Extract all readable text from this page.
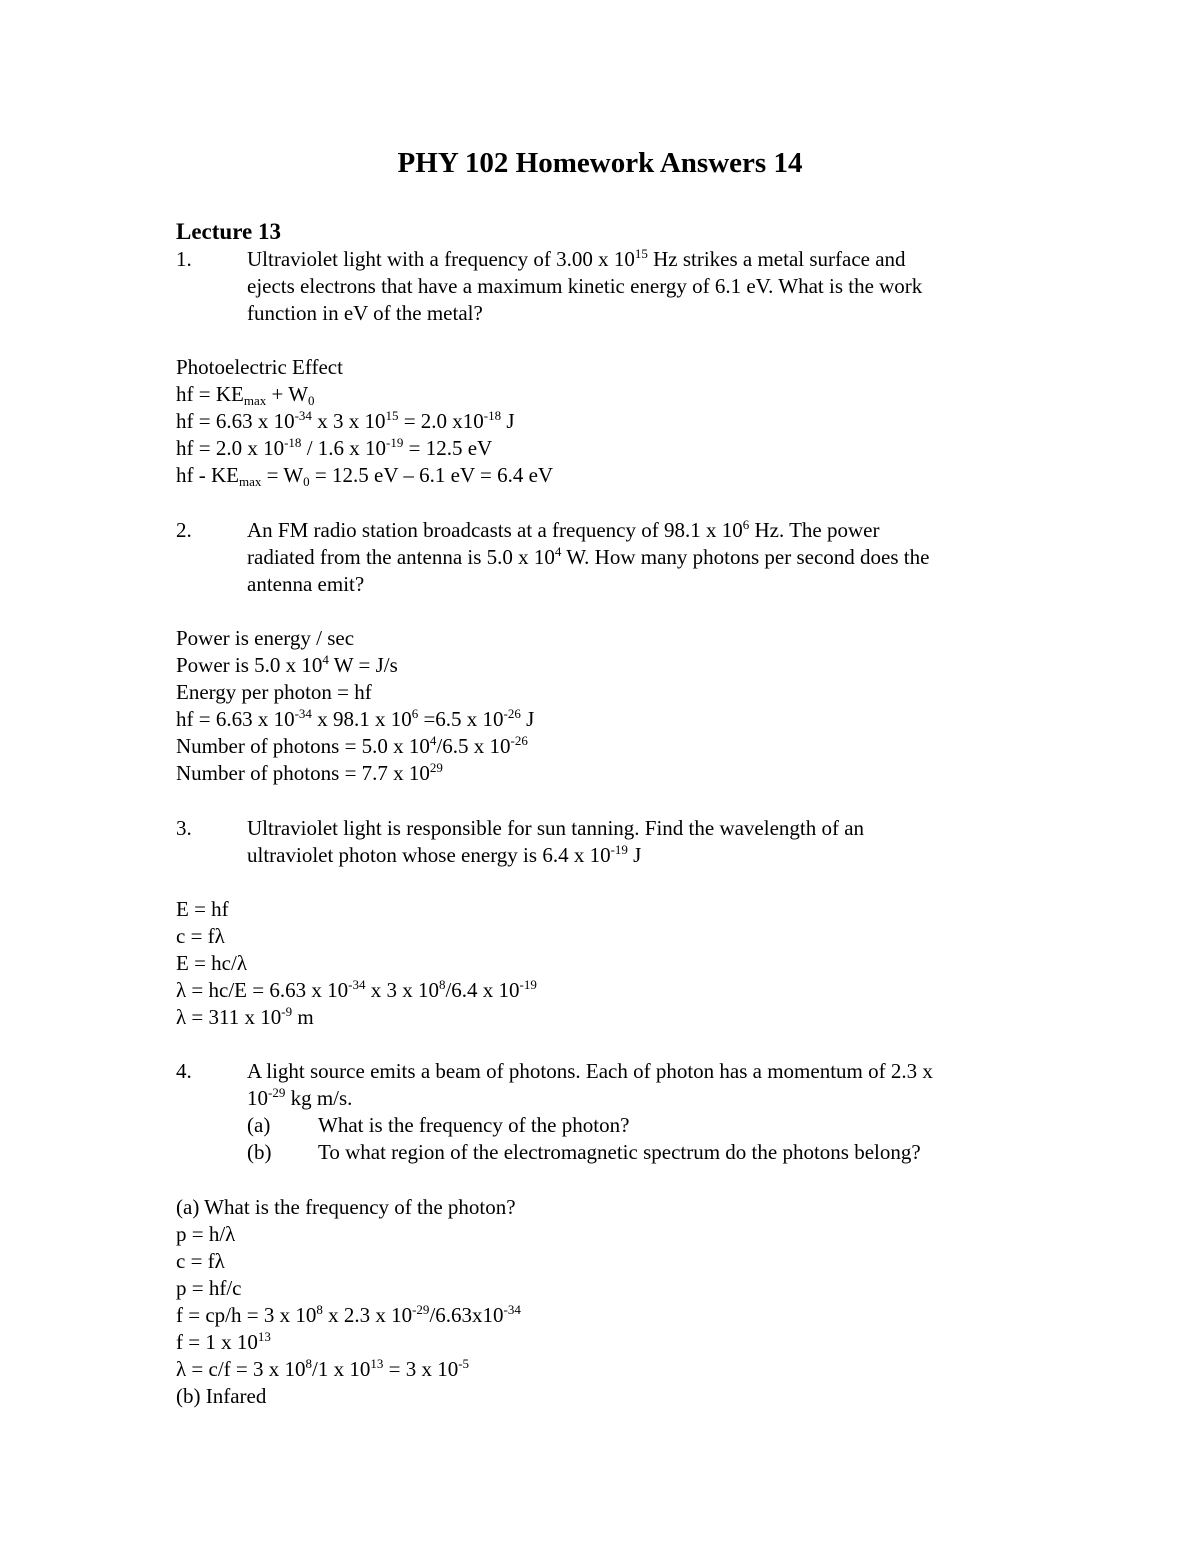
PHY 102 Homework Answers 14
Lecture 13
1.	Ultraviolet light with a frequency of 3.00 x $10^{15}$ Hz strikes a metal surface and
ejects electrons that have a maximum kinetic energy of 6.1 eV. What is the work
function in eV of the metal?
Photoelectric Effect
hf = $KE_{max} + W_0$
hf = 6.63 x $10^{-34}$ x 3 x $10^{15} = 2.0$ $x10^{-18}$ J
hf = 2.0 x $10^{-18} / 1.6$ x $10^{-19} = 12.5$ eV
hf - $KE_{max} = W_0 = 12.5$ eV – 6.1 eV = 6.4 eV
2.	An FM radio station broadcasts at a frequency of 98.1 x $10^6$ Hz. The power
radiated from the antenna is 5.0 x $10^4$ W. How many photons per second does the
antenna emit?
Power is energy / sec
Power is 5.0 x $10^4$ W = J/s
Energy per photon = hf
hf = 6.63 x $10^{-34}$ x 98.1 x $10^6 =6.5$ x $10^{-26}$ J
Number of photons = 5.0 x $10^4/6.5$ x $10^{-26}$
Number of photons = 7.7 x $10^{29}$
3.	Ultraviolet light is responsible for sun tanning. Find the wavelength of an
ultraviolet photon whose energy is 6.4 x $10^{-19}$ J
E = hf
c = fλ
E = hc/λ
λ = hc/E = 6.63 x $10^{-34}$ x 3 x $10^8/6.4$ x $10^{-19}$
λ = 311 x $10^{-9}$ m
4.	A light source emits a beam of photons. Each of photon has a momentum of 2.3 x
$10^{-29}$ kg m/s.
(a) What is the frequency of the photon?
(b) To what region of the electromagnetic spectrum do the photons belong?
(a) What is the frequency of the photon?
p = h/λ
c = fλ
p = hf/c
f = cp/h = 3 x $10^8$ x 2.3 x $10^{-29}/6.63x10^{-34}$
f = 1 x $10^{13}$
λ = c/f = 3 x $10^8/1$ x $10^{13} = 3$ x $10^{-5}$
(b) Infared
